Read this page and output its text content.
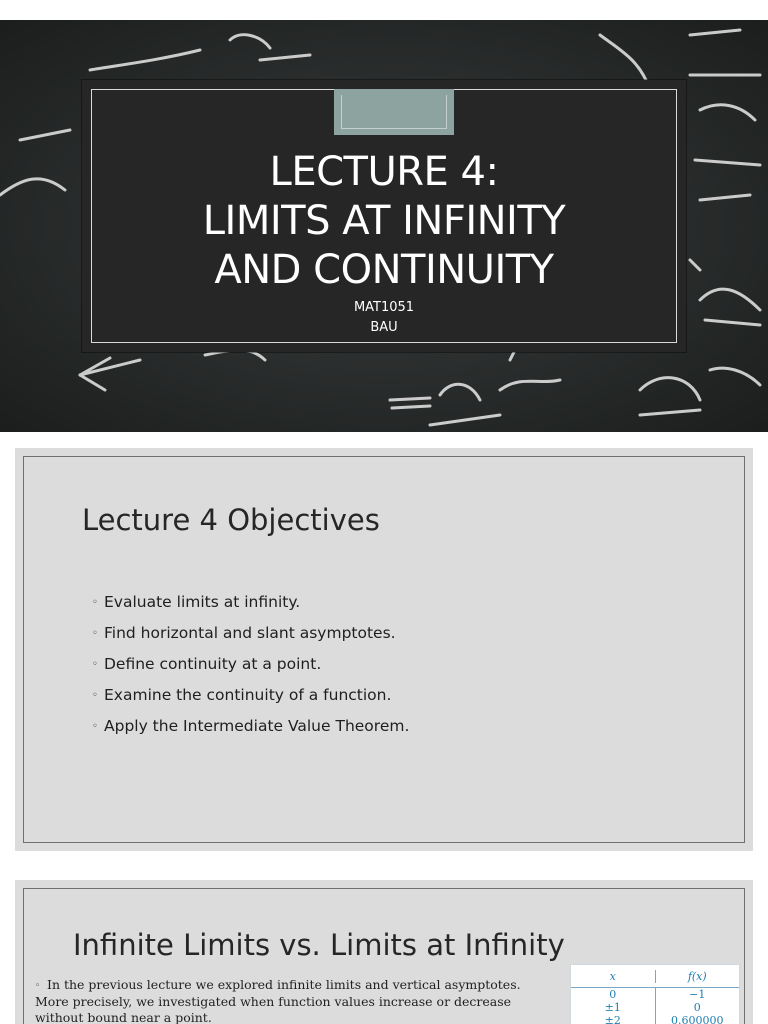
LECTURE 4:
LIMITS AT INFINITY
AND CONTINUITY
MAT1051
BAU
Lecture 4 Objectives
◦ Evaluate limits at infinity.
◦ Find horizontal and slant asymptotes.
◦ Define continuity at a point.
◦ Examine the continuity of a function.
◦ Apply the Intermediate Value Theorem.
Infinite Limits vs. Limits at Infinity
◦ In the previous lecture we explored infinite limits and vertical asymptotes. More precisely, we investigated when function values increase or decrease without bound near a point.
x	f(x)
0	−1
±1	0
±2	0.600000
